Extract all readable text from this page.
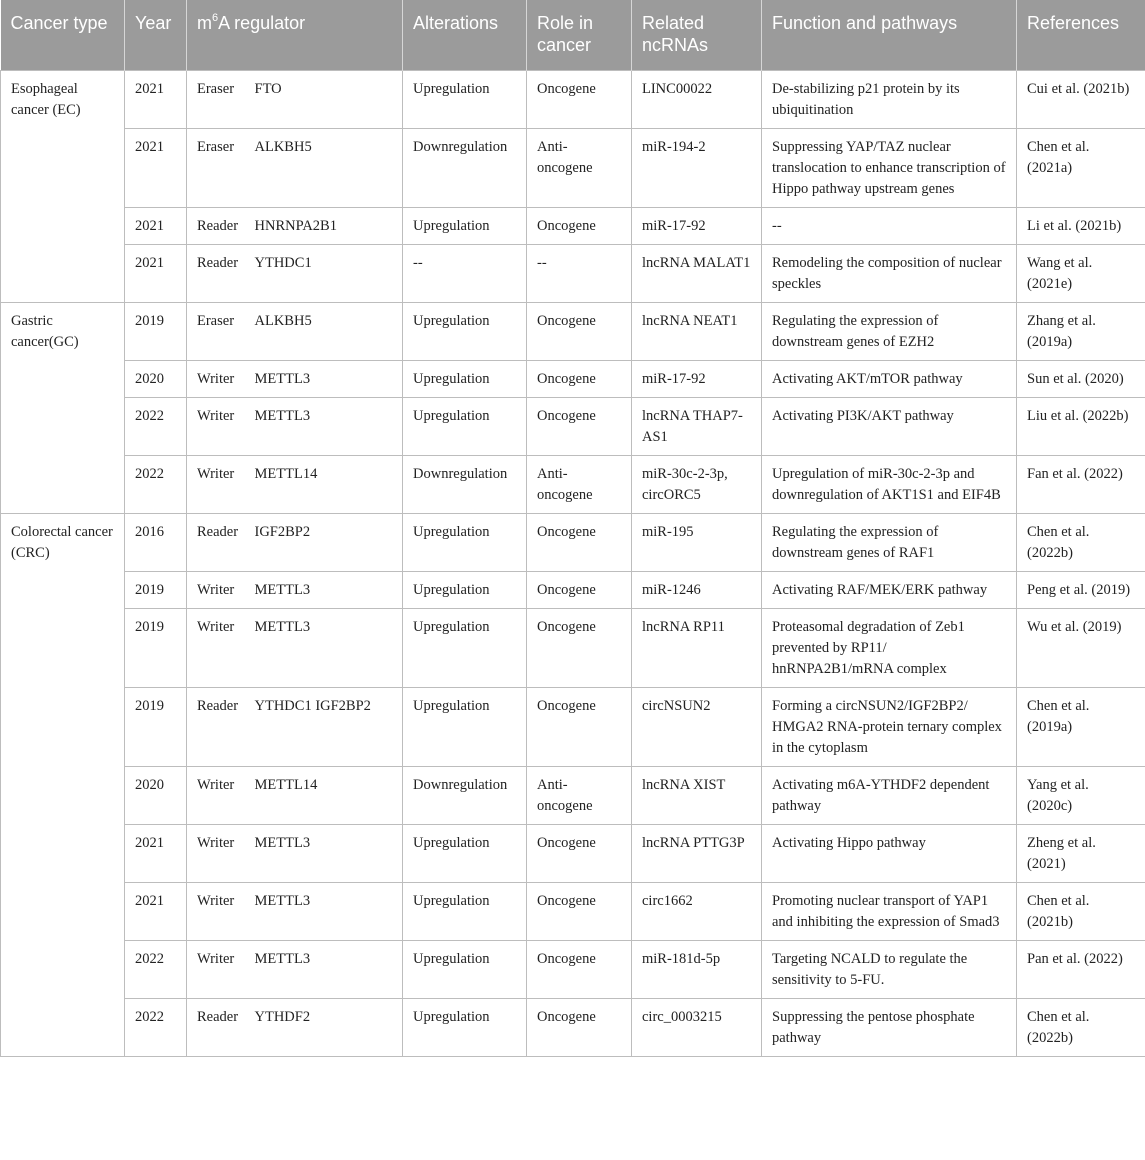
Cancer type	Year	$m^6A$ regulator		Alterations	Role in cancer	Related ncRNAs	Function and pathways	References
Esophageal cancer (EC)	2021	Eraser	FTO	Upregulation	Oncogene	LINC00022	De-stabilizing p21 protein by its ubiquitination	Cui et al. (2021b)
	2021	Eraser	ALKBH5	Downregulation	Anti-oncogene	miR-194-2	Suppressing YAP/TAZ nuclear translocation to enhance transcription of Hippo pathway upstream genes	Chen et al. (2021a)
	2021	Reader	HNRNPA2B1	Upregulation	Oncogene	miR-17-92	--	Li et al. (2021b)
	2021	Reader	YTHDC1	--	--	lncRNA MALAT1	Remodeling the composition of nuclear speckles	Wang et al. (2021e)
Gastric cancer(GC)	2019	Eraser	ALKBH5	Upregulation	Oncogene	lncRNA NEAT1	Regulating the expression of downstream genes of EZH2	Zhang et al. (2019a)
	2020	Writer	METTL3	Upregulation	Oncogene	miR-17-92	Activating AKT/mTOR pathway	Sun et al. (2020)
	2022	Writer	METTL3	Upregulation	Oncogene	lncRNA THAP7-AS1	Activating PI3K/AKT pathway	Liu et al. (2022b)
	2022	Writer	METTL14	Downregulation	Anti-oncogene	miR-30c-2-3p, circORC5	Upregulation of miR-30c-2-3p and downregulation of AKT1S1 and EIF4B	Fan et al. (2022)
Colorectal cancer (CRC)	2016	Reader	IGF2BP2	Upregulation	Oncogene	miR-195	Regulating the expression of downstream genes of RAF1	Chen et al. (2022b)
	2019	Writer	METTL3	Upregulation	Oncogene	miR-1246	Activating RAF/MEK/ERK pathway	Peng et al. (2019)
	2019	Writer	METTL3	Upregulation	Oncogene	lncRNA RP11	Proteasomal degradation of Zeb1 prevented by RP11/ hnRNPA2B1/mRNA complex	Wu et al. (2019)
	2019	Reader	YTHDC1 IGF2BP2	Upregulation	Oncogene	circNSUN2	Forming a circNSUN2/IGF2BP2/ HMGA2 RNA-protein ternary complex in the cytoplasm	Chen et al. (2019a)
	2020	Writer	METTL14	Downregulation	Anti-oncogene	lncRNA XIST	Activating m6A-YTHDF2 dependent pathway	Yang et al. (2020c)
	2021	Writer	METTL3	Upregulation	Oncogene	lncRNA PTTG3P	Activating Hippo pathway	Zheng et al. (2021)
	2021	Writer	METTL3	Upregulation	Oncogene	circ1662	Promoting nuclear transport of YAP1 and inhibiting the expression of Smad3	Chen et al. (2021b)
	2022	Writer	METTL3	Upregulation	Oncogene	miR-181d-5p	Targeting NCALD to regulate the sensitivity to 5-FU.	Pan et al. (2022)
	2022	Reader	YTHDF2	Upregulation	Oncogene	circ_0003215	Suppressing the pentose phosphate pathway	Chen et al. (2022b)
